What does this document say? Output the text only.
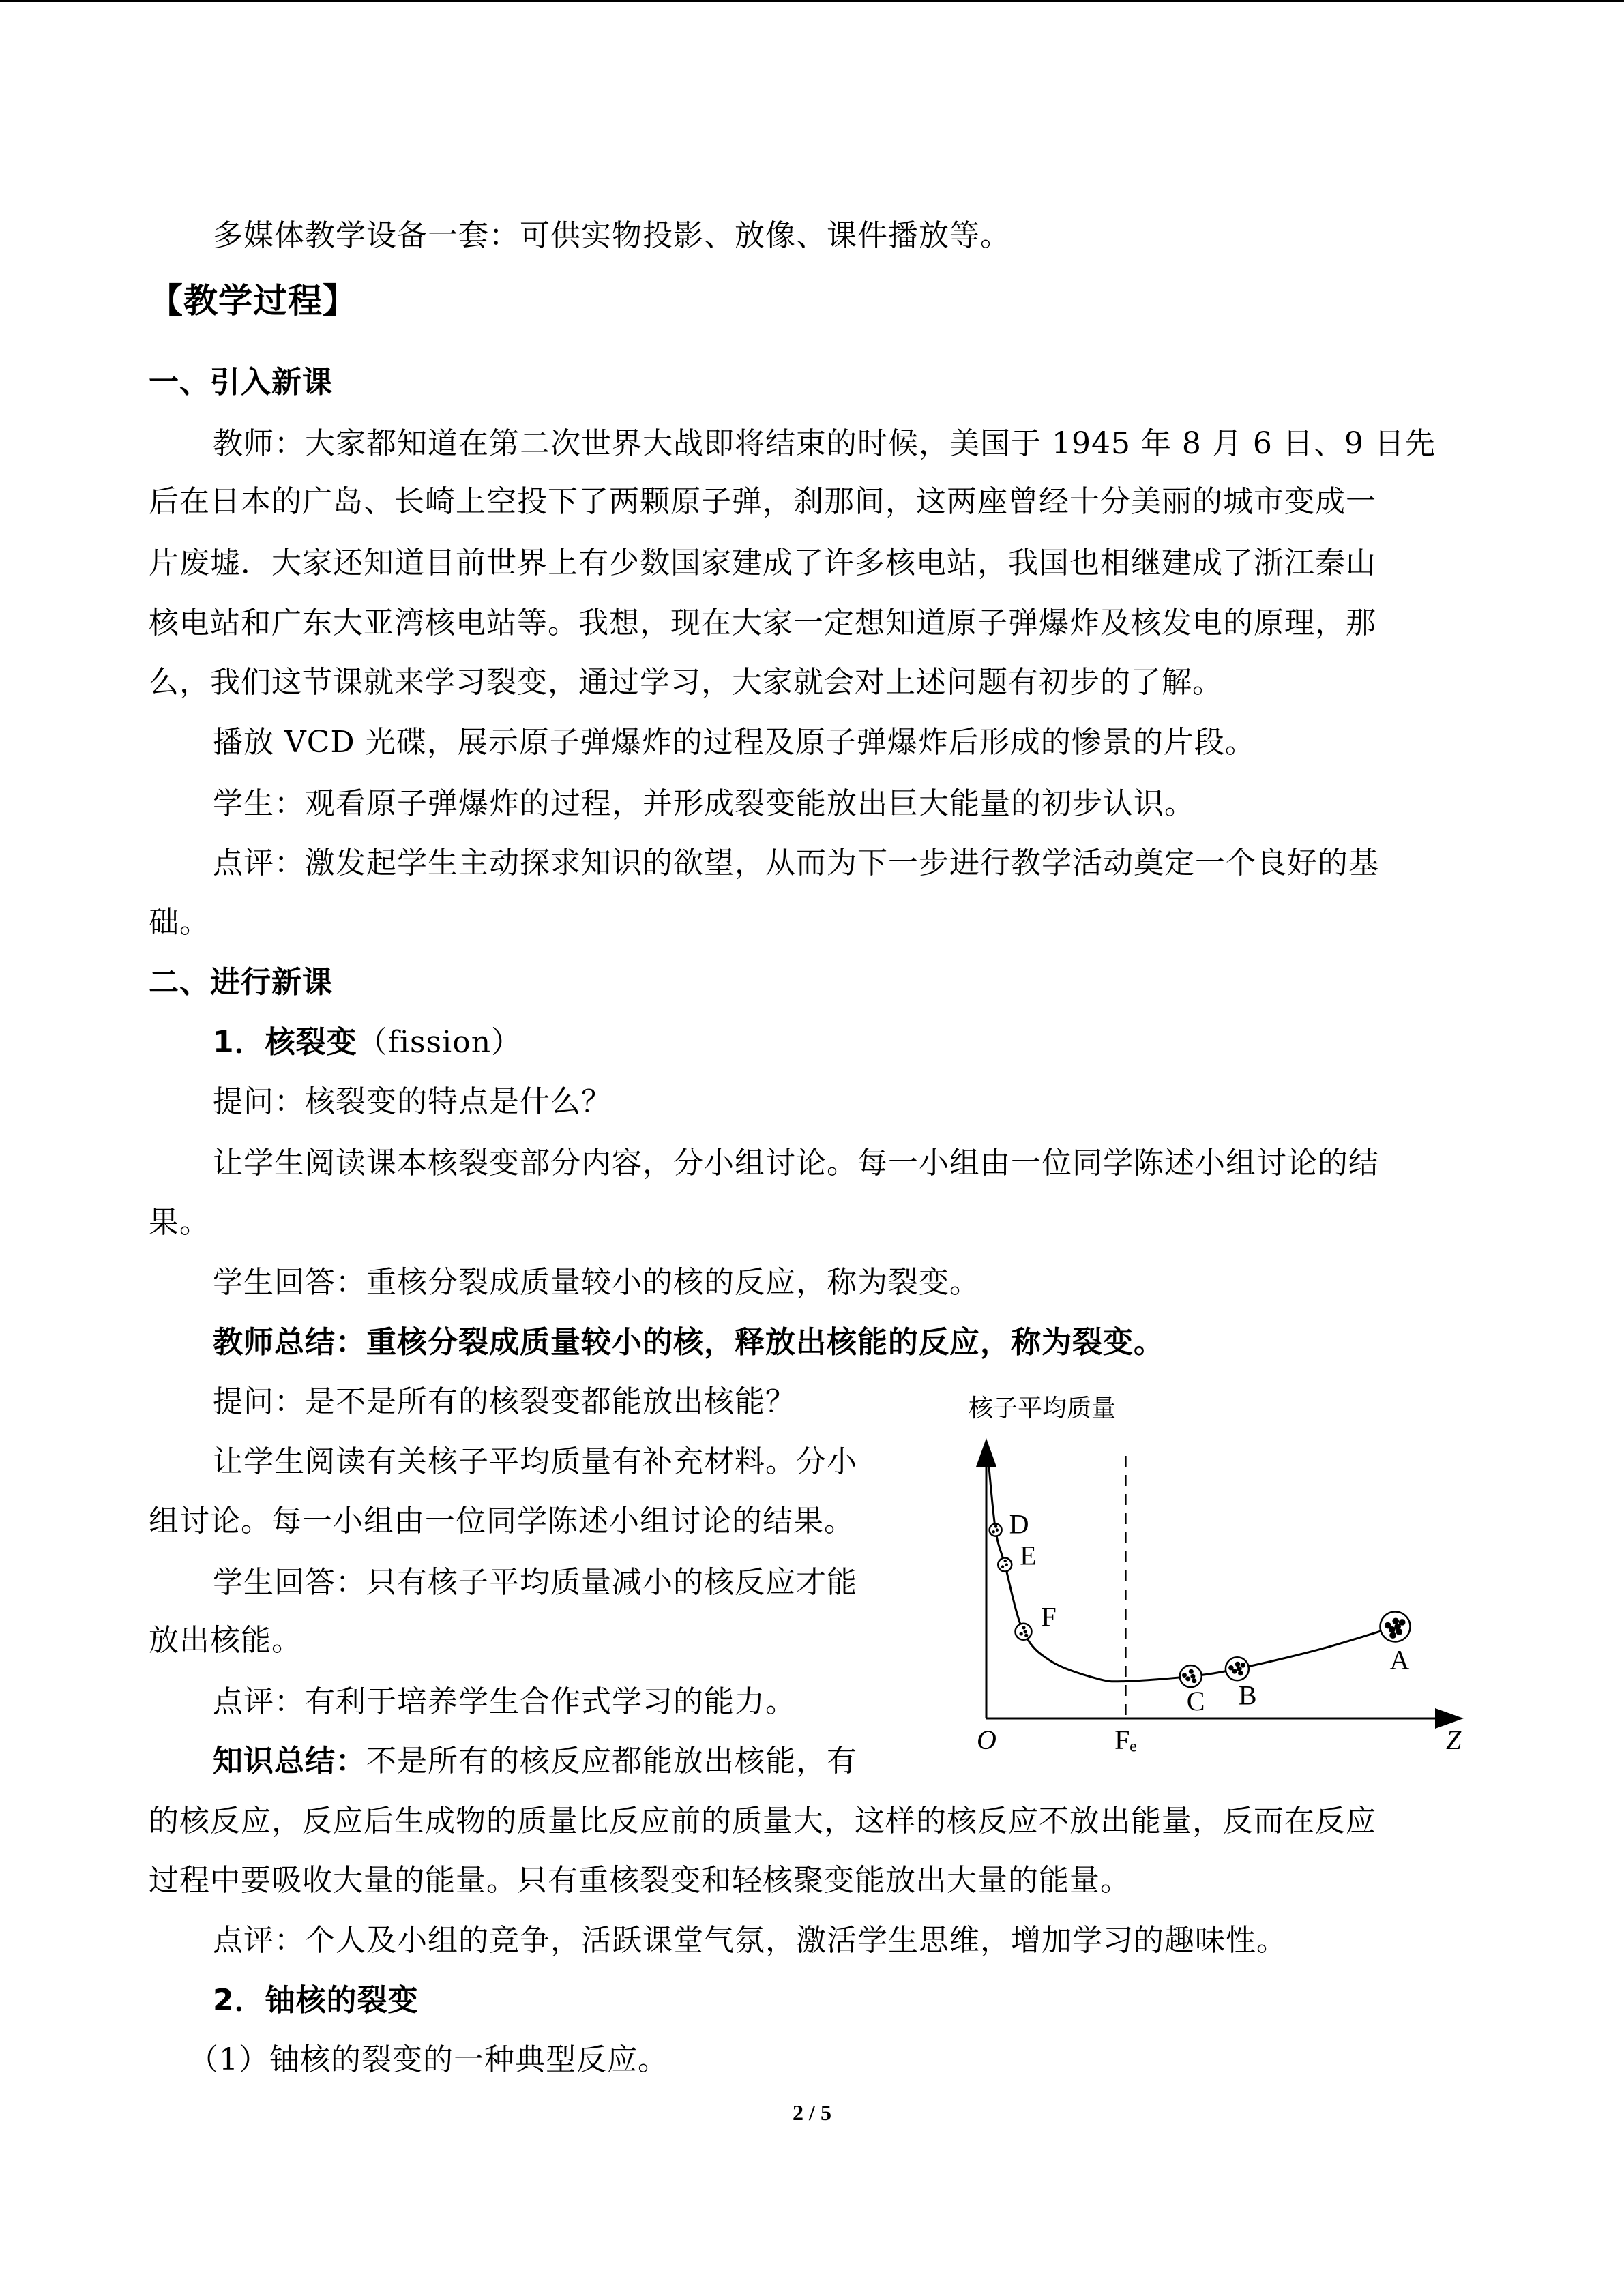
多媒体教学设备一套：可供实物投影、放像、课件播放等。
【教学过程】
一、引入新课
教师：大家都知道在第二次世界大战即将结束的时候，美国于 1945 年 8 月 6 日、9 日先
后在日本的广岛、长崎上空投下了两颗原子弹，刹那间，这两座曾经十分美丽的城市变成一
片废墟．大家还知道目前世界上有少数国家建成了许多核电站，我国也相继建成了浙江秦山
核电站和广东大亚湾核电站等。我想，现在大家一定想知道原子弹爆炸及核发电的原理，那
么，我们这节课就来学习裂变，通过学习，大家就会对上述问题有初步的了解。
播放 VCD 光碟，展示原子弹爆炸的过程及原子弹爆炸后形成的惨景的片段。
学生：观看原子弹爆炸的过程，并形成裂变能放出巨大能量的初步认识。
点评：激发起学生主动探求知识的欲望，从而为下一步进行教学活动奠定一个良好的基
础。
二、进行新课
1．核裂变（fission）
提问：核裂变的特点是什么？
让学生阅读课本核裂变部分内容，分小组讨论。每一小组由一位同学陈述小组讨论的结
果。
学生回答：重核分裂成质量较小的核的反应，称为裂变。
教师总结：重核分裂成质量较小的核，释放出核能的反应，称为裂变。
提问：是不是所有的核裂变都能放出核能？
让学生阅读有关核子平均质量有补充材料。分小
组讨论。每一小组由一位同学陈述小组讨论的结果。
学生回答：只有核子平均质量减小的核反应才能
放出核能。
点评：有利于培养学生合作式学习的能力。
知识总结：不是所有的核反应都能放出核能，有
的核反应，反应后生成物的质量比反应前的质量大，这样的核反应不放出能量，反而在反应
过程中要吸收大量的能量。只有重核裂变和轻核聚变能放出大量的能量。
点评：个人及小组的竞争，活跃课堂气氛，激活学生思维，增加学习的趣味性。
2．铀核的裂变
（1）铀核的裂变的一种典型反应。
核子平均质量
D
E
F
C B
A
O	Fₑ	Z
2 / 5
